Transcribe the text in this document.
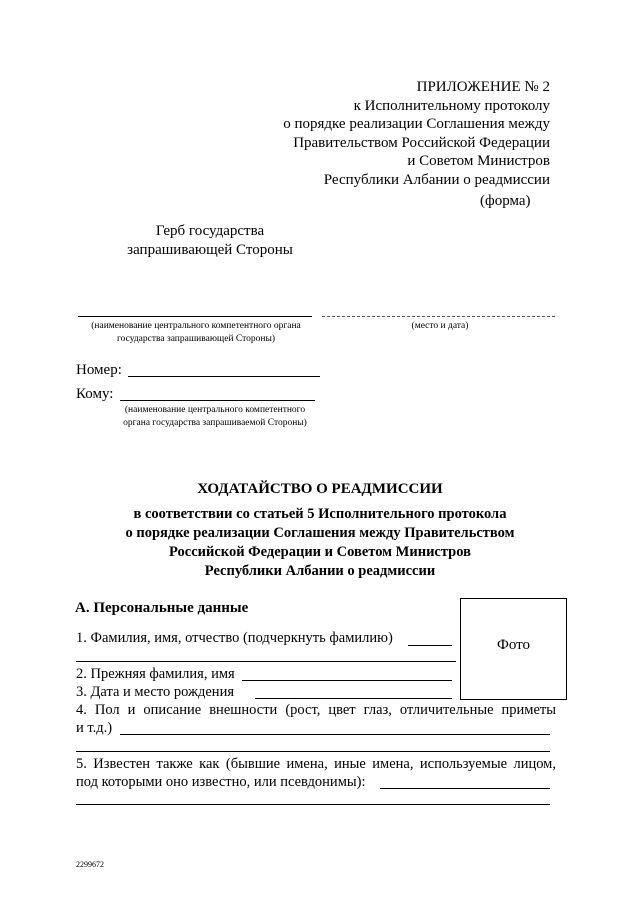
ПРИЛОЖЕНИЕ № 2
к Исполнительному протоколу
о порядке реализации Соглашения между
Правительством Российской Федерации
и Советом Министров
Республики Албании о реадмиссии
(форма)
Герб государства
запрашивающей Стороны
(наименование центрального компетентного органа
государства запрашивающей Стороны)
(место и дата)
Номер:
Кому:
(наименование центрального компетентного
органа государства запрашиваемой Стороны)
ХОДАТАЙСТВО О РЕАДМИССИИ
в соответствии со статьей 5 Исполнительного протокола
о порядке реализации Соглашения между Правительством
Российской Федерации и Советом Министров
Республики Албании о реадмиссии
А. Персональные данные
Фото
1. Фамилия, имя, отчество (подчеркнуть фамилию)
2. Прежняя фамилия, имя
3. Дата и место рождения
4. Пол и описание внешности (рост, цвет глаз, отличительные приметы
и т.д.)
5. Известен также как (бывшие имена, иные имена, используемые лицом,
под которыми оно известно, или псевдонимы):
2299672
